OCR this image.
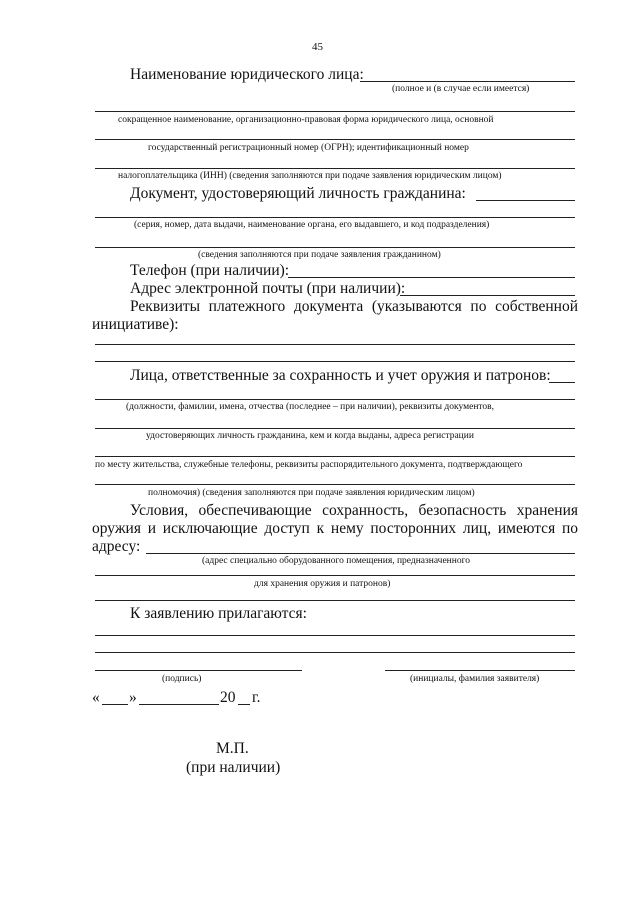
45
Наименование юридического лица:
(полное и (в случае если имеется)
сокращенное наименование, организационно-правовая форма юридического лица, основной
государственный регистрационный номер (ОГРН); идентификационный номер
налогоплательщика (ИНН) (сведения заполняются при подаче заявления юридическим лицом)
Документ, удостоверяющий личность гражданина:
(серия, номер, дата выдачи, наименование органа, его выдавшего, и код подразделения)
(сведения заполняются при подаче заявления гражданином)
Телефон (при наличии):
Адрес электронной почты (при наличии):
Реквизиты платежного документа (указываются по собственной
инициативе):
Лица, ответственные за сохранность и учет оружия и патронов:
(должности, фамилии, имена, отчества (последнее – при наличии), реквизиты документов,
удостоверяющих личность гражданина, кем и когда выданы, адреса регистрации
по месту жительства, служебные телефоны, реквизиты распорядительного документа, подтверждающего
полномочия) (сведения заполняются при подаче заявления юридическим лицом)
Условия, обеспечивающие сохранность, безопасность хранения
оружия и исключающие доступ к нему посторонних лиц, имеются по
адресу:
(адрес специально оборудованного помещения, предназначенного
для хранения оружия и патронов)
К заявлению прилагаются:
(подпись)	(инициалы, фамилия заявителя)
« »	20 г.
М.П.
(при наличии)
